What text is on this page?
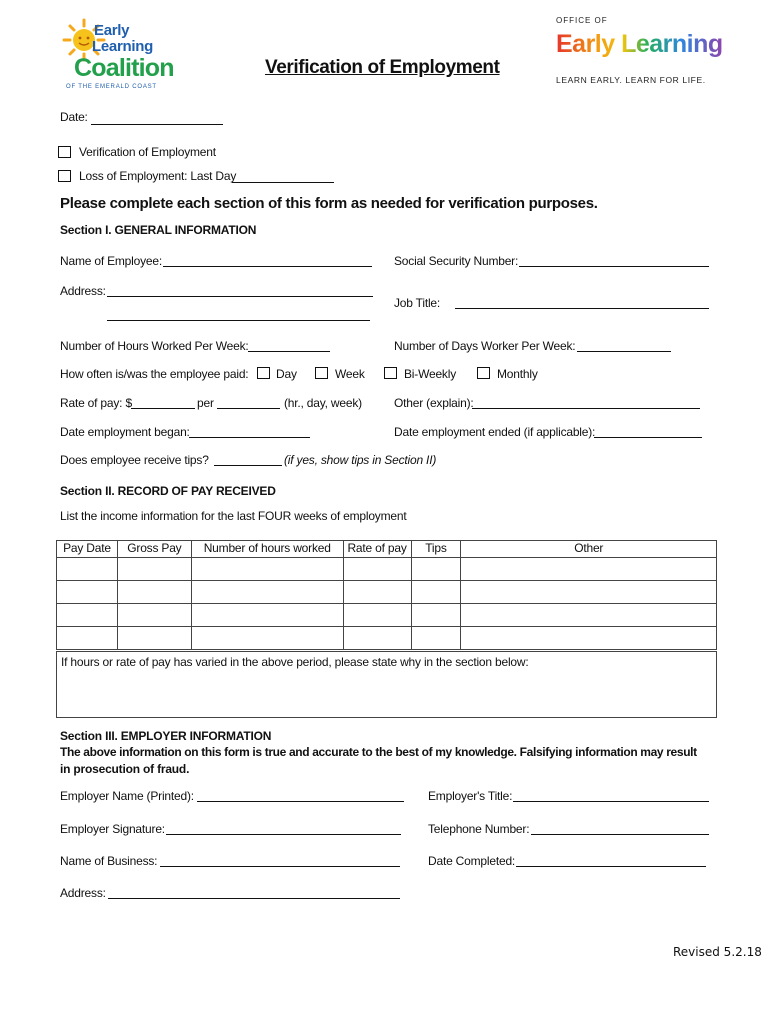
Early
Learning
Coalition
OF THE EMERALD COAST
OFFICE OF
Early Learning
LEARN EARLY. LEARN FOR LIFE.
Verification of Employment
Date:
Verification of Employment
Loss of Employment: Last Day
Please complete each section of this form as needed for verification purposes.
Section I. GENERAL INFORMATION
Name of Employee:	Social Security Number:
Address:
Job Title:
Number of Hours Worked Per Week:	Number of Days Worker Per Week:
How often is/was the employee paid: Day	Week	Bi-Weekly	Monthly
Rate of pay: $	per	(hr., day, week)	Other (explain):
Date employment began:	Date employment ended (if applicable):
Does employee receive tips?	(if yes, show tips in Section II)
Section II. RECORD OF PAY RECEIVED
List the income information for the last FOUR weeks of employment
Pay Date	Gross Pay	Number of hours worked	Rate of pay	Tips	Other

If hours or rate of pay has varied in the above period, please state why in the section below:
Section III. EMPLOYER INFORMATION
The above information on this form is true and accurate to the best of my knowledge. Falsifying information may result
in prosecution of fraud.
Employer Name (Printed):	Employer's Title:
Employer Signature:	Telephone Number:
Name of Business:	Date Completed:
Address:
Revised 5.2.18
